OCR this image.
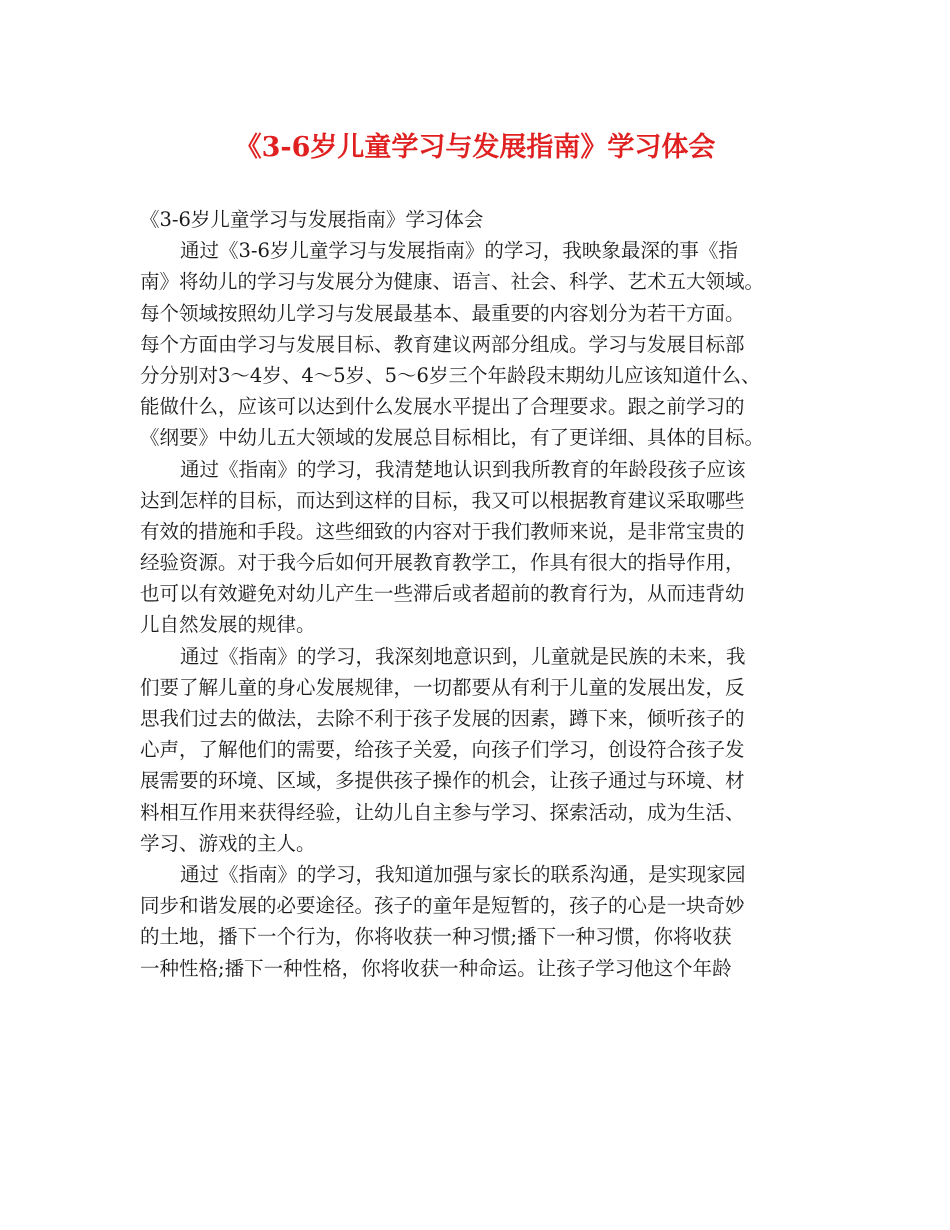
《3-6岁儿童学习与发展指南》学习体会
《3-6岁儿童学习与发展指南》学习体会
通过《3-6岁儿童学习与发展指南》的学习，我映象最深的事《指
南》将幼儿的学习与发展分为健康、语言、社会、科学、艺术五大领域。
每个领域按照幼儿学习与发展最基本、最重要的内容划分为若干方面。
每个方面由学习与发展目标、教育建议两部分组成。学习与发展目标部
分分别对3～4岁、4～5岁、5～6岁三个年龄段末期幼儿应该知道什么、
能做什么，应该可以达到什么发展水平提出了合理要求。跟之前学习的
《纲要》中幼儿五大领域的发展总目标相比，有了更详细、具体的目标。
通过《指南》的学习，我清楚地认识到我所教育的年龄段孩子应该
达到怎样的目标，而达到这样的目标，我又可以根据教育建议采取哪些
有效的措施和手段。这些细致的内容对于我们教师来说，是非常宝贵的
经验资源。对于我今后如何开展教育教学工，作具有很大的指导作用，
也可以有效避免对幼儿产生一些滞后或者超前的教育行为，从而违背幼
儿自然发展的规律。
通过《指南》的学习，我深刻地意识到，儿童就是民族的未来，我
们要了解儿童的身心发展规律，一切都要从有利于儿童的发展出发，反
思我们过去的做法，去除不利于孩子发展的因素，蹲下来，倾听孩子的
心声，了解他们的需要，给孩子关爱，向孩子们学习，创设符合孩子发
展需要的环境、区域，多提供孩子操作的机会，让孩子通过与环境、材
料相互作用来获得经验，让幼儿自主参与学习、探索活动，成为生活、
学习、游戏的主人。
通过《指南》的学习，我知道加强与家长的联系沟通，是实现家园
同步和谐发展的必要途径。孩子的童年是短暂的，孩子的心是一块奇妙
的土地，播下一个行为，你将收获一种习惯;播下一种习惯，你将收获
一种性格;播下一种性格，你将收获一种命运。让孩子学习他这个年龄
